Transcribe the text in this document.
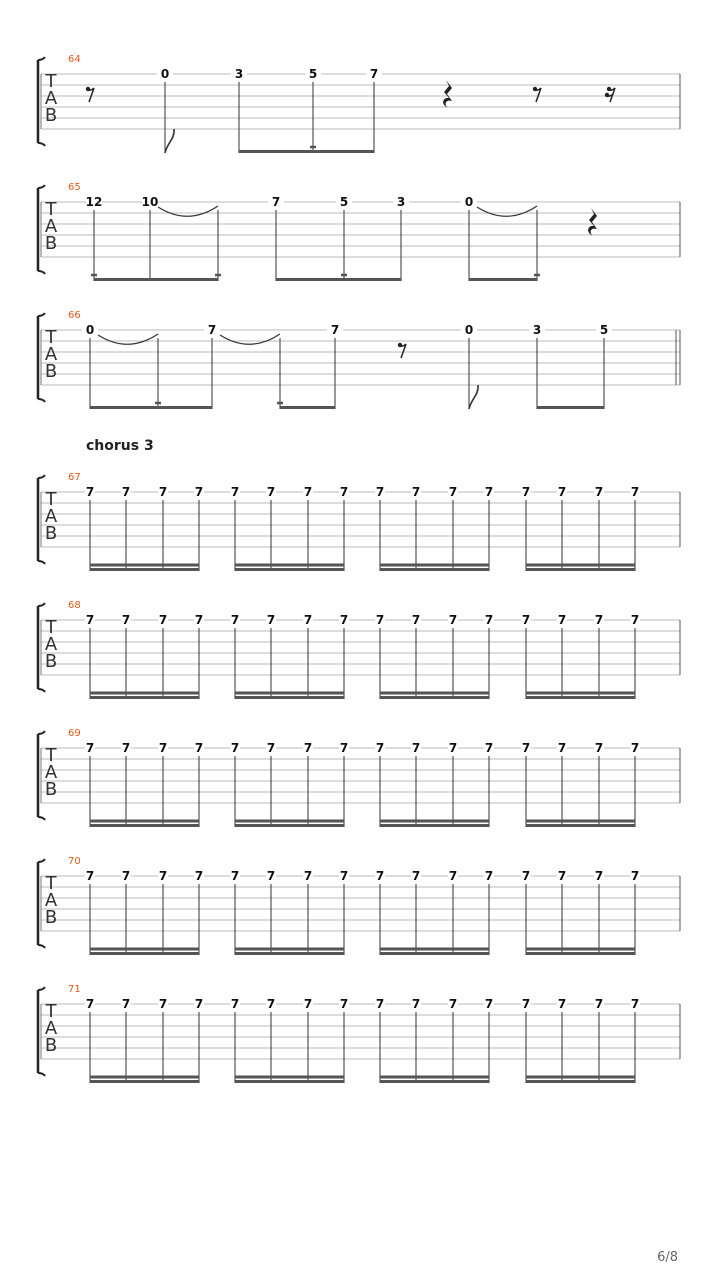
T
A
B
64
0	3	5	7
T
A
B
65
12	10	7	5	3	0
T
A
B
66
0	7	7	0	3	5
T
A
B
67
7 7 7 7 7 7 7 7 7 7 7 7 7 7 7 7
T
A
B
68
7 7 7 7 7 7 7 7 7 7 7 7 7 7 7 7
T
A
B
69
7 7 7 7 7 7 7 7 7 7 7 7 7 7 7 7
T
A
B
70
7 7 7 7 7 7 7 7 7 7 7 7 7 7 7 7
T
A
B
71
7 7 7 7 7 7 7 7 7 7 7 7 7 7 7 7
chorus 3
6/8
